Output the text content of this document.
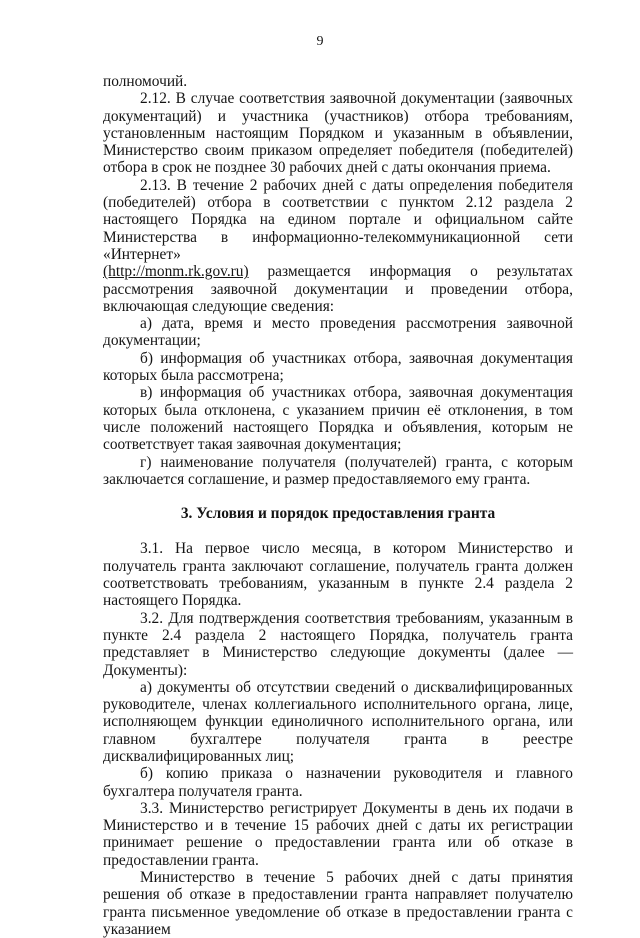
9

полномочий.

2.12. В случае соответствия заявочной документации (заявочных документаций) и участника (участников) отбора требованиям, установленным настоящим Порядком и указанным в объявлении, Министерство своим приказом определяет победителя (победителей) отбора в срок не позднее 30 рабочих дней с даты окончания приема.

2.13. В течение 2 рабочих дней с даты определения победителя (победителей) отбора в соответствии с пунктом 2.12 раздела 2 настоящего Порядка на едином портале и официальном сайте Министерства в информационно-телекоммуникационной сети «Интернет»

(http://monm.rk.gov.ru) размещается информация о результатах рассмотрения заявочной документации и проведении отбора, включающая следующие сведения:

а) дата, время и место проведения рассмотрения заявочной документации;

б) информация об участниках отбора, заявочная документация которых была рассмотрена;

в) информация об участниках отбора, заявочная документация которых была отклонена, с указанием причин её отклонения, в том числе положений настоящего Порядка и объявления, которым не соответствует такая заявочная документация;

г) наименование получателя (получателей) гранта, с которым заключается соглашение, и размер предоставляемого ему гранта.

3. Условия и порядок предоставления гранта

3.1. На первое число месяца, в котором Министерство и получатель гранта заключают соглашение, получатель гранта должен соответствовать требованиям, указанным в пункте 2.4 раздела 2 настоящего Порядка.

3.2. Для подтверждения соответствия требованиям, указанным в пункте 2.4 раздела 2 настоящего Порядка, получатель гранта представляет в Министерство следующие документы (далее — Документы):

а) документы об отсутствии сведений о дисквалифицированных руководителе, членах коллегиального исполнительного органа, лице, исполняющем функции единоличного исполнительного органа, или главном бухгалтере получателя гранта в реестре дисквалифицированных лиц;

б) копию приказа о назначении руководителя и главного бухгалтера получателя гранта.

3.3. Министерство регистрирует Документы в день их подачи в Министерство и в течение 15 рабочих дней с даты их регистрации принимает решение о предоставлении гранта или об отказе в предоставлении гранта.

Министерство в течение 5 рабочих дней с даты принятия решения об отказе в предоставлении гранта направляет получателю гранта письменное уведомление об отказе в предоставлении гранта с указанием
